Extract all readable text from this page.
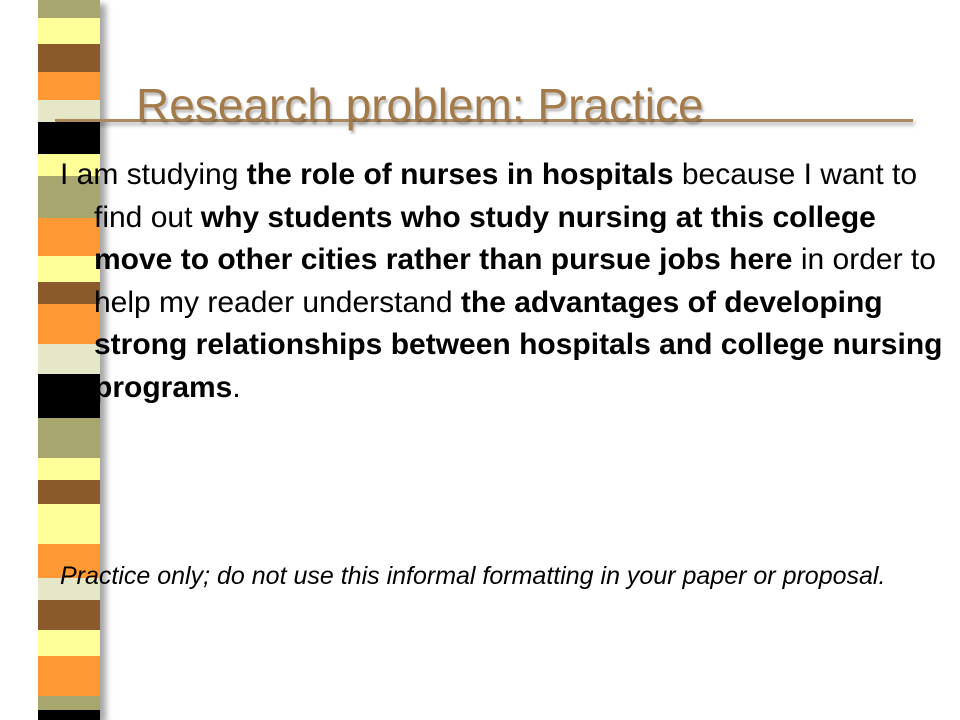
Research problem: Practice

I am studying the role of nurses in hospitals because I want to find out why students who study nursing at this college move to other cities rather than pursue jobs here in order to help my reader understand the advantages of developing strong relationships between hospitals and college nursing programs.

Practice only; do not use this informal formatting in your paper or proposal.
